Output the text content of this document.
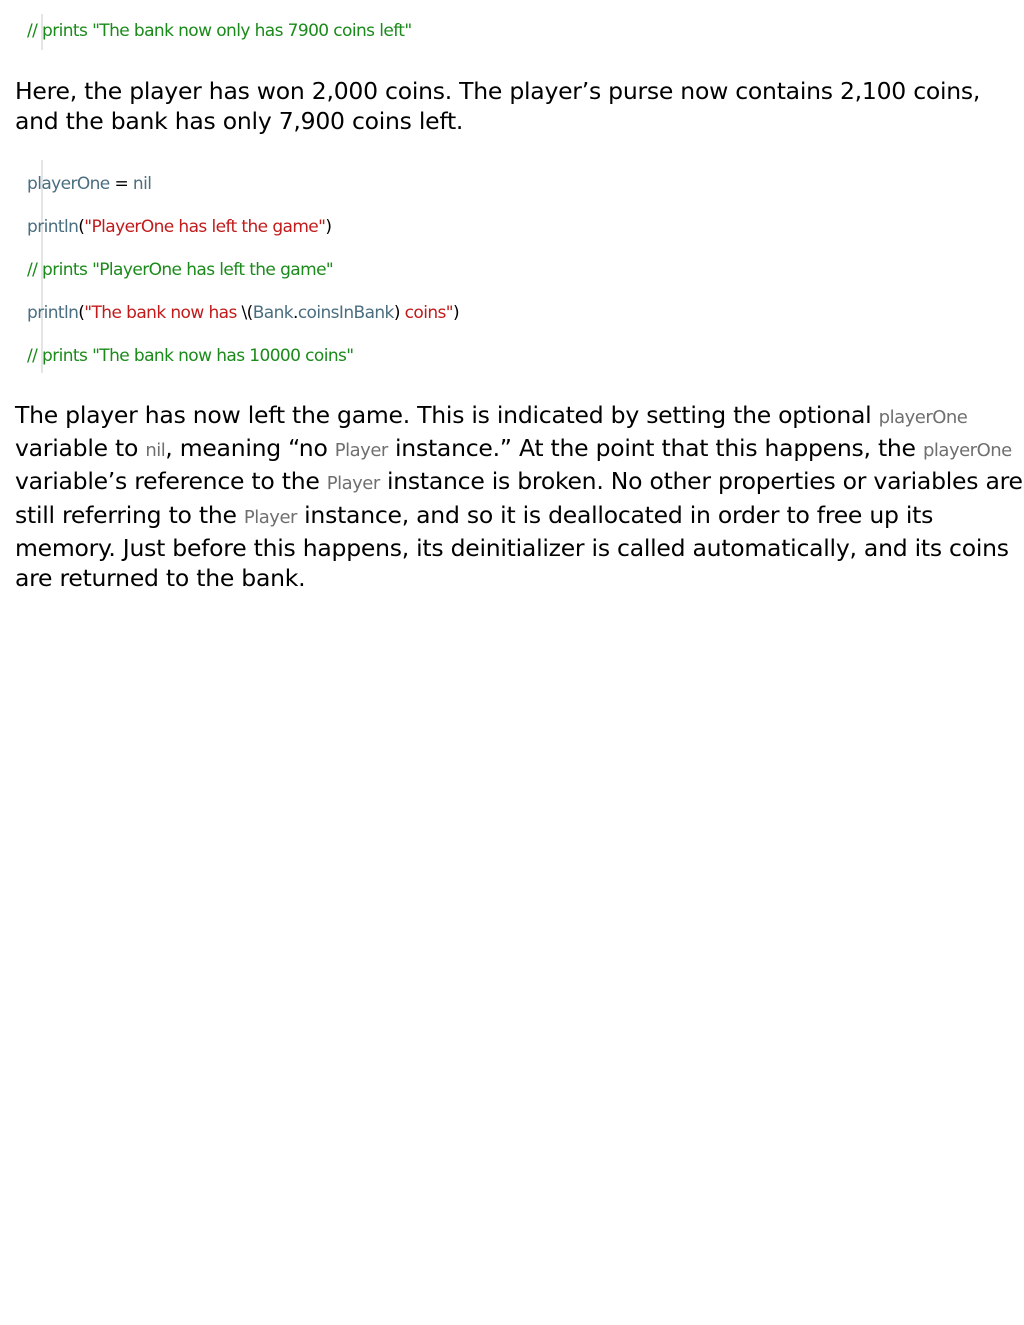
// prints "The bank now only has 7900 coins left"

Here, the player has won 2,000 coins. The player’s purse now contains 2,100 coins, and the bank has only 7,900 coins left.

playerOne = nil
println("PlayerOne has left the game")
// prints "PlayerOne has left the game"
println("The bank now has \(Bank.coinsInBank) coins")
// prints "The bank now has 10000 coins"

The player has now left the game. This is indicated by setting the optional playerOne variable to nil, meaning “no Player instance.” At the point that this happens, the playerOne variable’s reference to the Player instance is broken. No other properties or variables are still referring to the Player instance, and so it is deallocated in order to free up its memory. Just before this happens, its deinitializer is called automatically, and its coins are returned to the bank.
